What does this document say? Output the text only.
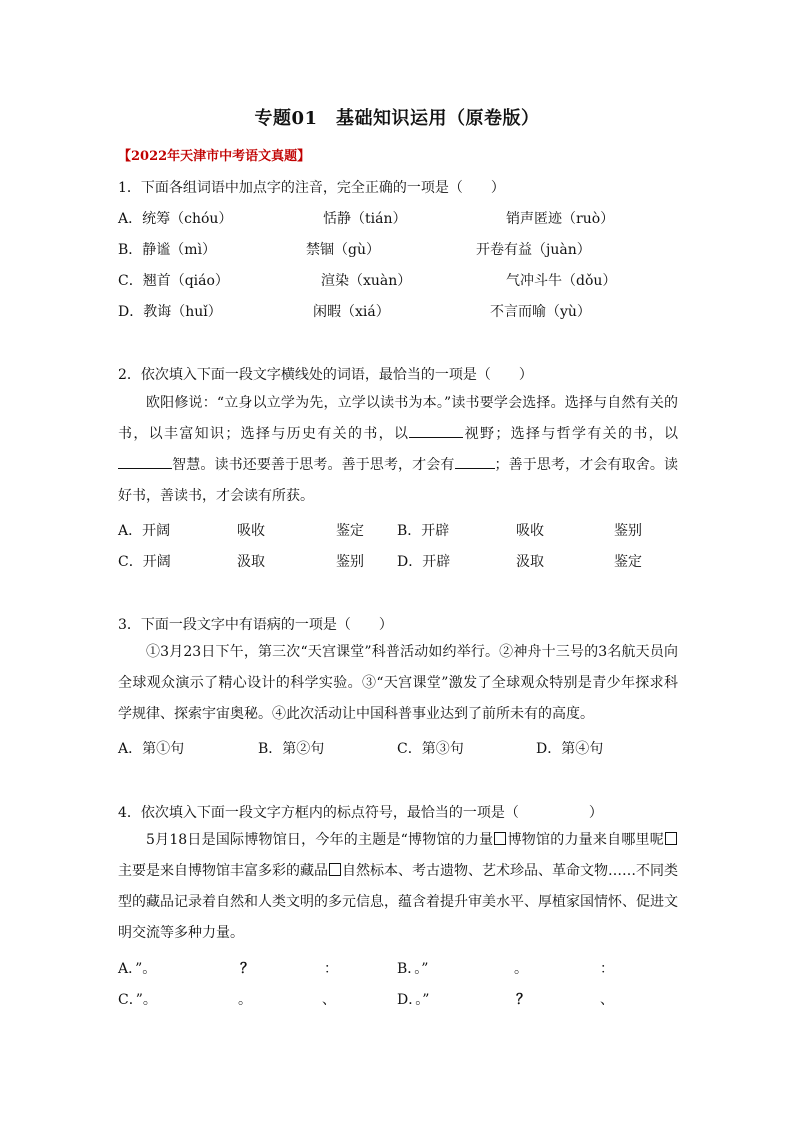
专题01　基础知识运用（原卷版）
【2022年天津市中考语文真题】
1．下面各组词语中加点字的注音，完全正确的一项是（　　）
A．统筹（chóu）	恬静（tián）	销声匿迹（ruò）
B．静谧（mì）	禁锢（gù）	开卷有益（juàn）
C．翘首（qiáo）	渲染（xuàn）	气冲斗牛（dǒu）
D．教诲（huǐ）	闲暇（xiá）	不言而喻（yù）
2．依次填入下面一段文字横线处的词语，最恰当的一项是（　　）

欧阳修说：“立身以立学为先，立学以读书为本。”读书要学会选择。选择与自然有关的书，以丰富知识；选择与历史有关的书，以	视野；选择与哲学有关的书，以智慧。读书还要善于思考。善于思考，才会有	；善于思考，才会有取舍。读好书，善读书，才会读有所获。

A．开阔	吸收	鉴定 B．开辟	吸收	鉴别
C．开阔	汲取	鉴别 D．开辟	汲取	鉴定
3．下面一段文字中有语病的一项是（　　）

①3月23日下午，第三次“天宫课堂”科普活动如约举行。②神舟十三号的3名航天员向全球观众演示了精心设计的科学实验。③“天宫课堂”激发了全球观众特别是青少年探求科学规律、探索宇宙奥秘。④此次活动让中国科普事业达到了前所未有的高度。

A．第①句	B．第②句	C．第③句	D．第④句
4．依次填入下面一段文字方框内的标点符号，最恰当的一项是（　　　　　）

5月18日是国际博物馆日，今年的主题是“博物馆的力量 博物馆的力量来自哪里呢主要是来自博物馆丰富多彩的藏品 自然标本、考古遗物、艺术珍品、革命文物……不同类型的藏品记录着自然和人类文明的多元信息，蕴含着提升审美水平、厚植家国情怀、促进文明交流等多种力量。

A．”。	？	：	B．。”	。	：
C．”。	。	、	D．。”	？	、
